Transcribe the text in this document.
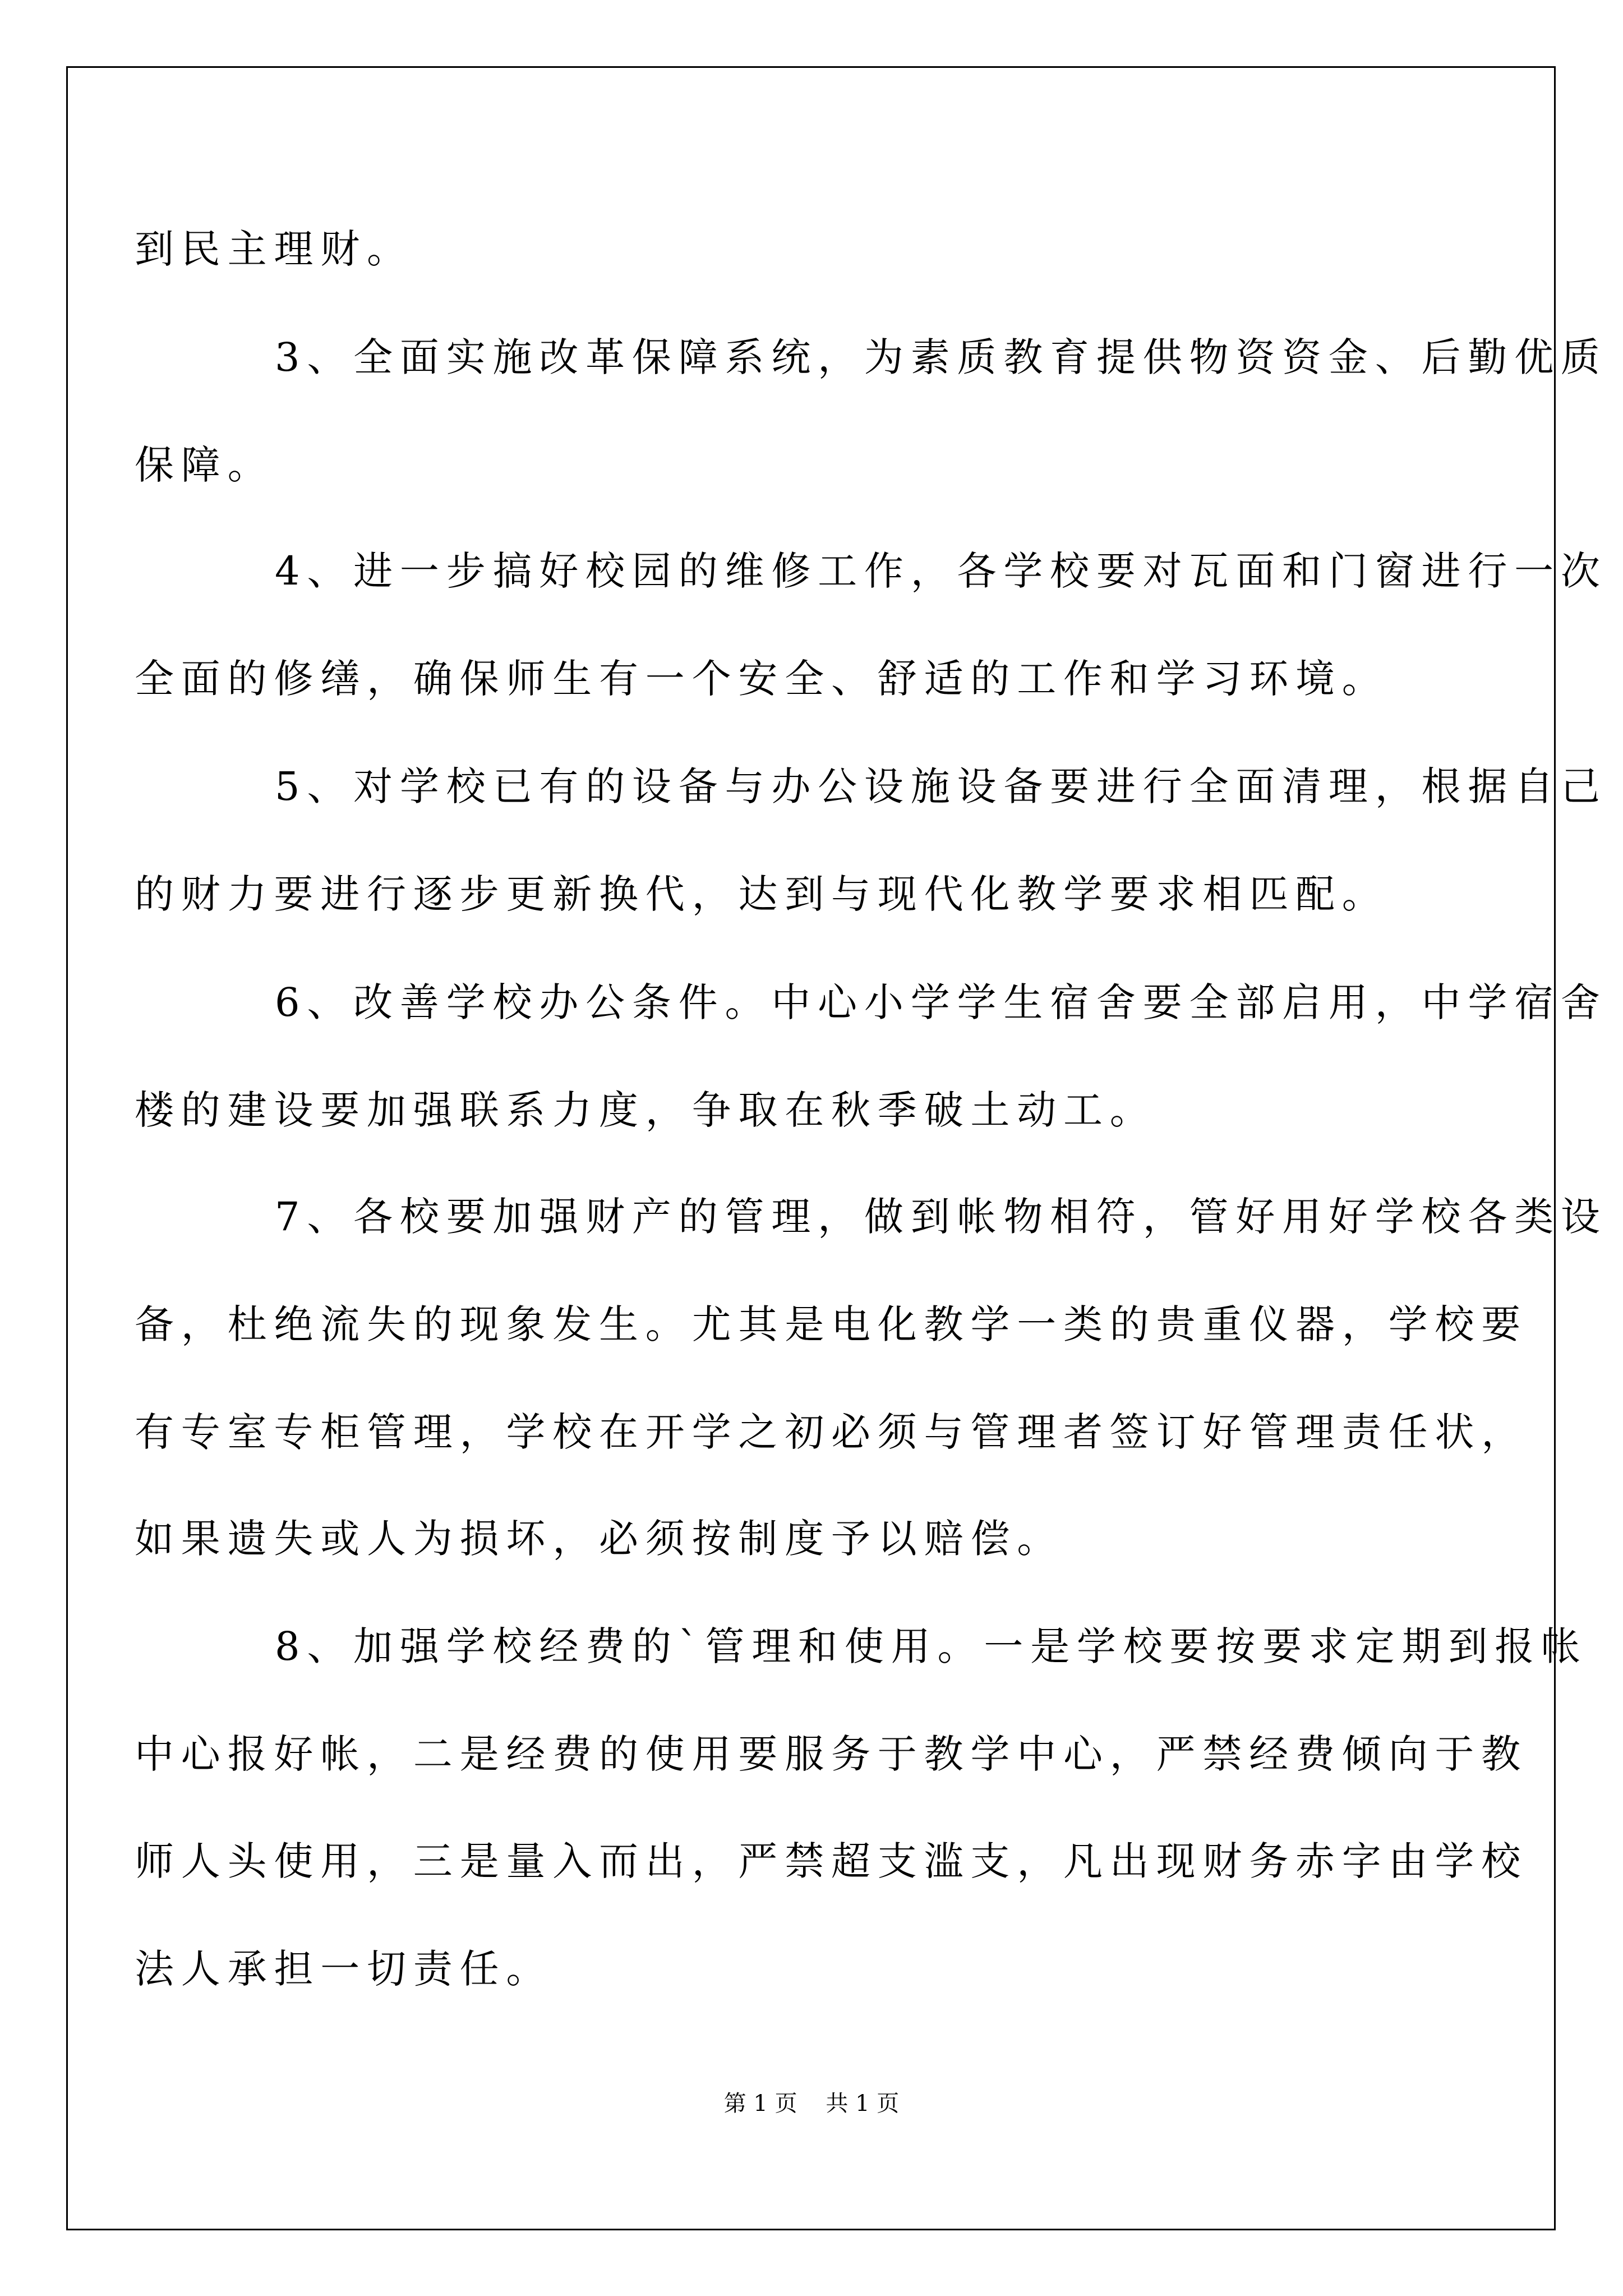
到民主理财。
3、全面实施改革保障系统，为素质教育提供物资资金、后勤优质
保障。
4、进一步搞好校园的维修工作，各学校要对瓦面和门窗进行一次
全面的修缮，确保师生有一个安全、舒适的工作和学习环境。
5、对学校已有的设备与办公设施设备要进行全面清理，根据自己
的财力要进行逐步更新换代，达到与现代化教学要求相匹配。
6、改善学校办公条件。中心小学学生宿舍要全部启用，中学宿舍
楼的建设要加强联系力度，争取在秋季破土动工。
7、各校要加强财产的管理，做到帐物相符，管好用好学校各类设
备，杜绝流失的现象发生。尤其是电化教学一类的贵重仪器，学校要
有专室专柜管理，学校在开学之初必须与管理者签订好管理责任状，
如果遗失或人为损坏，必须按制度予以赔偿。
8、加强学校经费的`管理和使用。一是学校要按要求定期到报帐
中心报好帐，二是经费的使用要服务于教学中心，严禁经费倾向于教
师人头使用，三是量入而出，严禁超支滥支，凡出现财务赤字由学校
法人承担一切责任。
第 1 页    共 1 页
